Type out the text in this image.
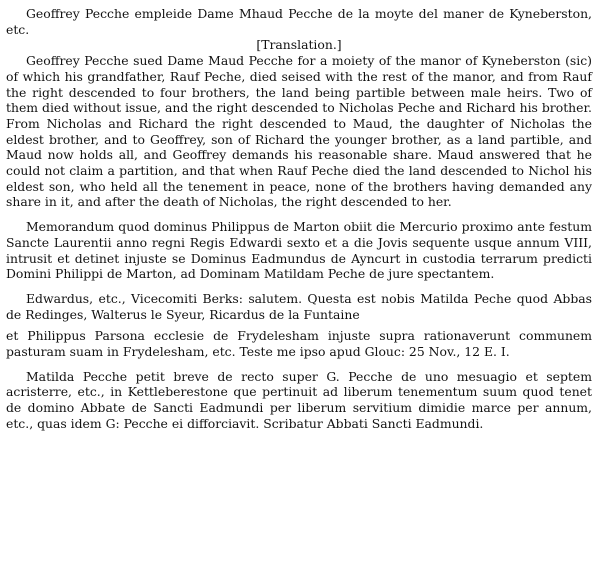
Geoffrey Pecche empleide Dame Mhaud Pecche de la moyte del maner de Kyneberston, etc.

[Translation.]

Geoffrey Pecche sued Dame Maud Pecche for a moiety of the manor of Kyneberston (sic) of which his grandfather, Rauf Peche, died seised with the rest of the manor, and from Rauf the right descended to four brothers, the land being partible between male heirs. Two of them died without issue, and the right descended to Nicholas Peche and Richard his brother. From Nicholas and Richard the right descended to Maud, the daughter of Nicholas the eldest brother, and to Geoffrey, son of Richard the younger brother, as a land partible, and Maud now holds all, and Geoffrey demands his reasonable share. Maud answered that he could not claim a partition, and that when Rauf Peche died the land descended to Nichol his eldest son, who held all the tenement in peace, none of the brothers having demanded any share in it, and after the death of Nicholas, the right descended to her.

Memorandum quod dominus Philippus de Marton obiit die Mercurio proximo ante festum Sancte Laurentii anno regni Regis Edwardi sexto et a die Jovis sequente usque annum VIII, intrusit et detinet injuste se Dominus Eadmundus de Ayncurt in custodia terrarum predicti Domini Philippi de Marton, ad Dominam Matildam Peche de jure spectantem.

Edwardus, etc., Vicecomiti Berks: salutem. Questa est nobis Matilda Peche quod Abbas de Redinges, Walterus le Syeur, Ricardus de la Funtaine

et Philippus Parsona ecclesie de Frydelesham injuste supra rationaverunt communem pasturam suam in Frydelesham, etc. Teste me ipso apud Glouc: 25 Nov., 12 E. I.

Matilda Pecche petit breve de recto super G. Pecche de uno mesuagio et septem acristerre, etc., in Kettleberestone que pertinuit ad liberum tenementum suum quod tenet de domino Abbate de Sancti Eadmundi per liberum servitium dimidie marce per annum, etc., quas idem G: Pecche ei difforciavit. Scribatur Abbati Sancti Eadmundi.
